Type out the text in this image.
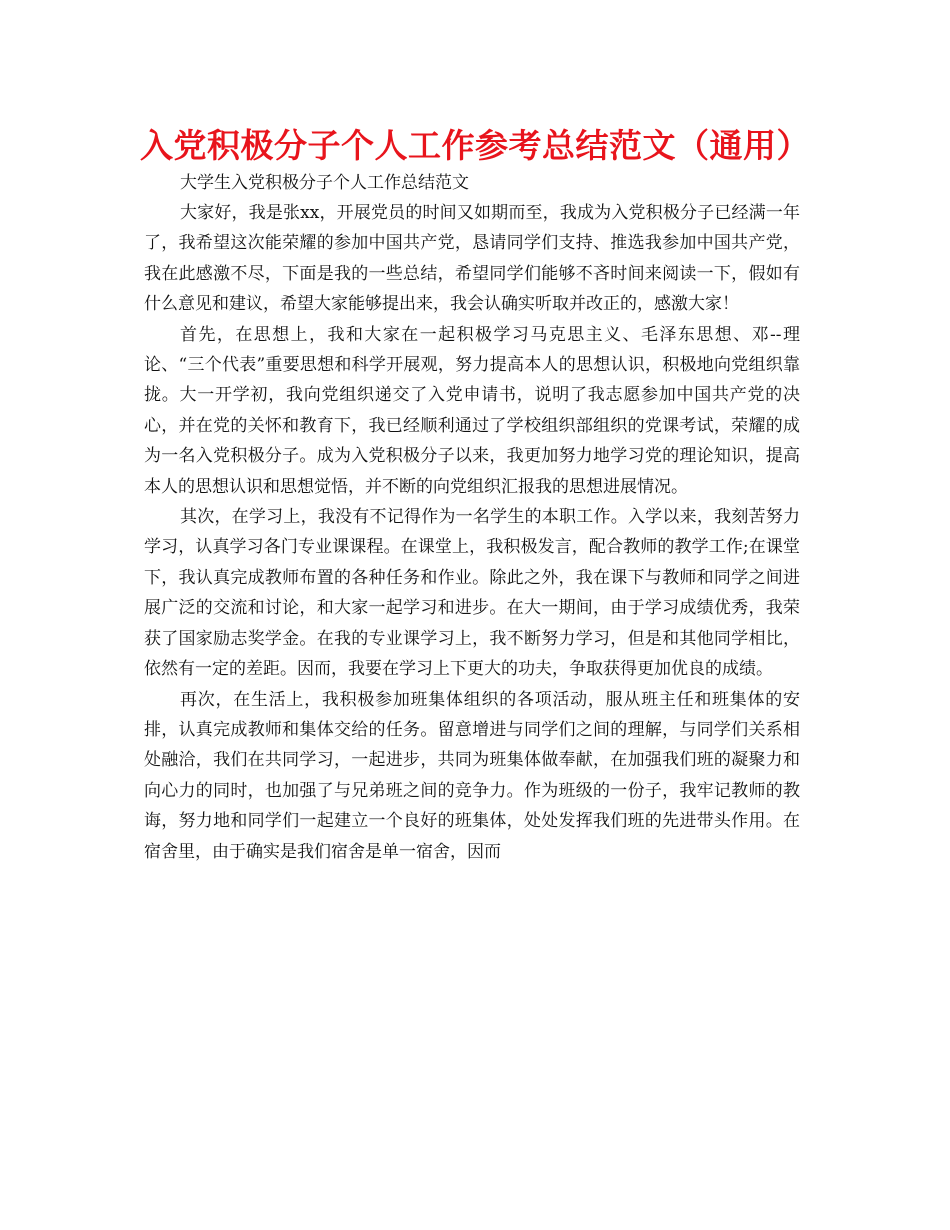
入党积极分子个人工作参考总结范文（通用）

大学生入党积极分子个人工作总结范文

大家好，我是张xx，开展党员的时间又如期而至，我成为入党积极分子已经满一年了，我希望这次能荣耀的参加中国共产党，恳请同学们支持、推选我参加中国共产党，我在此感激不尽，下面是我的一些总结，希望同学们能够不吝时间来阅读一下，假如有什么意见和建议，希望大家能够提出来，我会认确实听取并改正的，感激大家！

首先，在思想上，我和大家在一起积极学习马克思主义、毛泽东思想、邓--理论、“三个代表”重要思想和科学开展观，努力提高本人的思想认识，积极地向党组织靠拢。大一开学初，我向党组织递交了入党申请书，说明了我志愿参加中国共产党的决心，并在党的关怀和教育下，我已经顺利通过了学校组织部组织的党课考试，荣耀的成为一名入党积极分子。成为入党积极分子以来，我更加努力地学习党的理论知识，提高本人的思想认识和思想觉悟，并不断的向党组织汇报我的思想进展情况。

其次，在学习上，我没有不记得作为一名学生的本职工作。入学以来，我刻苦努力学习，认真学习各门专业课课程。在课堂上，我积极发言，配合教师的教学工作;在课堂下，我认真完成教师布置的各种任务和作业。除此之外，我在课下与教师和同学之间进展广泛的交流和讨论，和大家一起学习和进步。在大一期间，由于学习成绩优秀，我荣获了国家励志奖学金。在我的专业课学习上，我不断努力学习，但是和其他同学相比，依然有一定的差距。因而，我要在学习上下更大的功夫，争取获得更加优良的成绩。

再次，在生活上，我积极参加班集体组织的各项活动，服从班主任和班集体的安排，认真完成教师和集体交给的任务。留意增进与同学们之间的理解，与同学们关系相处融洽，我们在共同学习，一起进步，共同为班集体做奉献，在加强我们班的凝聚力和向心力的同时，也加强了与兄弟班之间的竞争力。作为班级的一份子，我牢记教师的教诲，努力地和同学们一起建立一个良好的班集体，处处发挥我们班的先进带头作用。在宿舍里，由于确实是我们宿舍是单一宿舍，因而
